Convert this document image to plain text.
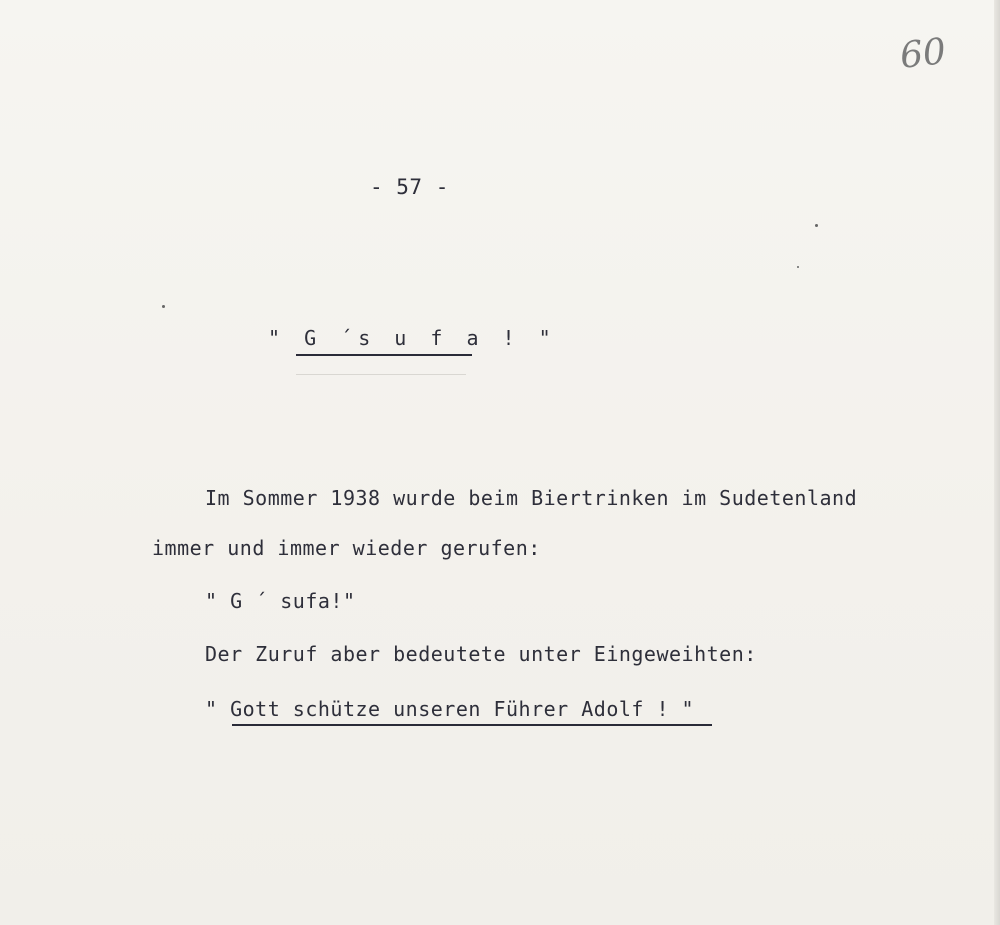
60
- 57 -
" G ´s u f a ! "
Im Sommer 1938 wurde beim Biertrinken im Sudetenland
immer und immer wieder gerufen:
" G ´ sufa!"
Der Zuruf aber bedeutete unter Eingeweihten:
" Gott schütze unseren Führer Adolf ! "
